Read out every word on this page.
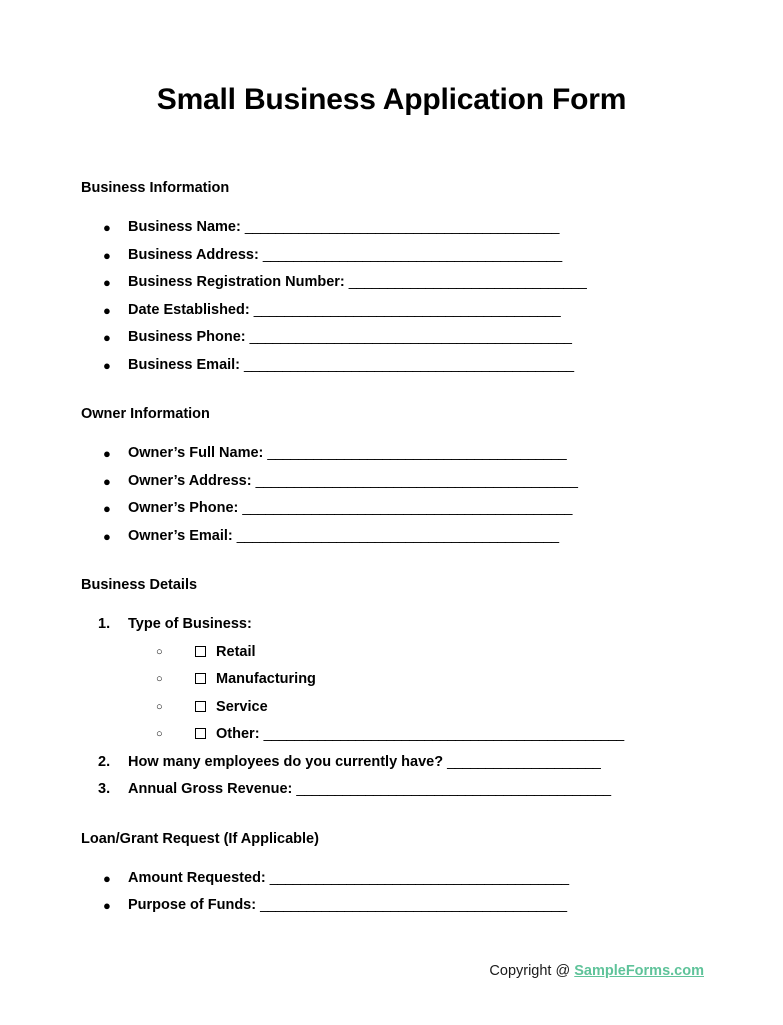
Small Business Application Form
Business Information
● Business Name: _________________________________________
● Business Address: _______________________________________
● Business Registration Number: _______________________________
● Date Established: ________________________________________
● Business Phone: __________________________________________
● Business Email: ___________________________________________
Owner Information
● Owner’s Full Name: _______________________________________
● Owner’s Address: __________________________________________
● Owner’s Phone: ___________________________________________
● Owner’s Email: __________________________________________
Business Details
1. Type of Business:
○	Retail
○	Manufacturing
○	Service
○	Other: _______________________________________________
2. How many employees do you currently have? ____________________
3. Annual Gross Revenue: _________________________________________
Loan/Grant Request (If Applicable)
● Amount Requested: _______________________________________
● Purpose of Funds: ________________________________________
Copyright @ SampleForms.com
